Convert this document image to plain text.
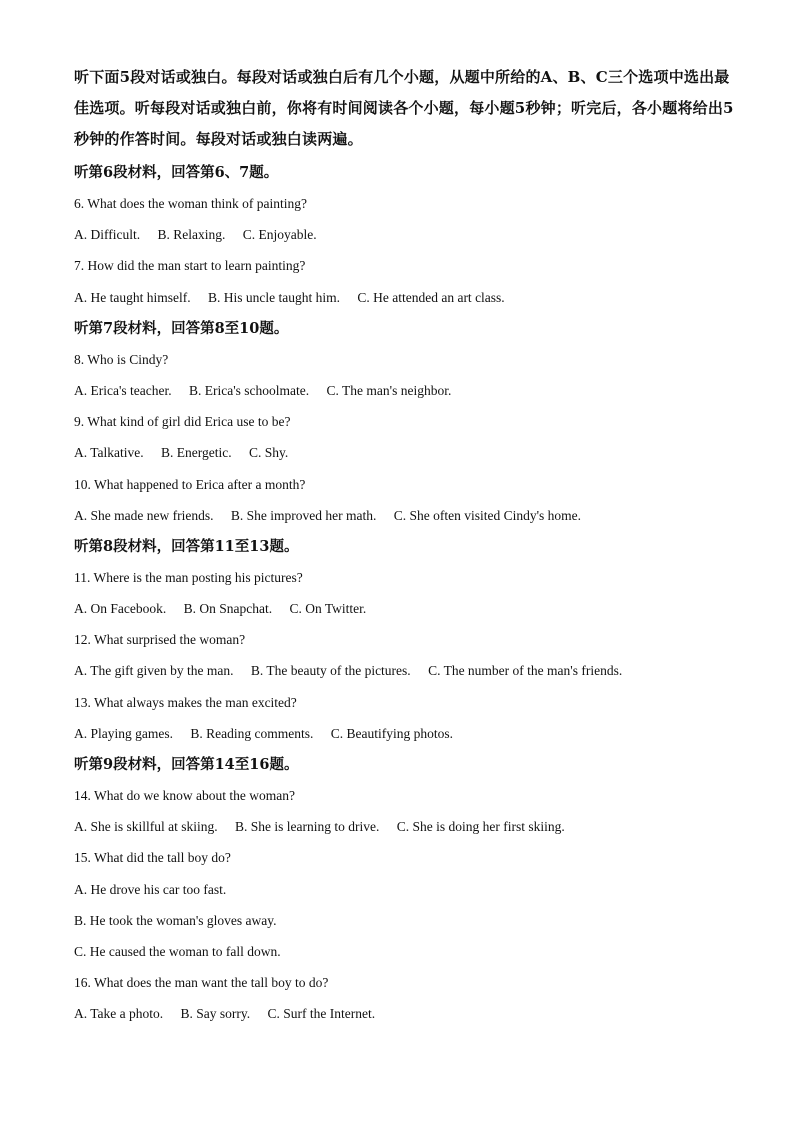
听下面5段对话或独白。每段对话或独白后有几个小题，从题中所给的A、B、C三个选项中选出最佳选项。听每段对话或独白前，你将有时间阅读各个小题，每小题5秒钟；听完后，各小题将给出5秒钟的作答时间。每段对话或独白读两遍。

听第6段材料，回答第6、7题。

6. What does the woman think of painting?

A. Difficult. B. Relaxing. C. Enjoyable.

7. How did the man start to learn painting?

A. He taught himself. B. His uncle taught him. C. He attended an art class.

听第7段材料，回答第8至10题。

8. Who is Cindy?

A. Erica's teacher. B. Erica's schoolmate. C. The man's neighbor.

9. What kind of girl did Erica use to be?

A. Talkative. B. Energetic. C. Shy.

10. What happened to Erica after a month?

A. She made new friends. B. She improved her math. C. She often visited Cindy's home.

听第8段材料，回答第11至13题。

11. Where is the man posting his pictures?

A. On Facebook. B. On Snapchat. C. On Twitter.

12. What surprised the woman?

A. The gift given by the man. B. The beauty of the pictures. C. The number of the man's friends.

13. What always makes the man excited?

A. Playing games. B. Reading comments. C. Beautifying photos.

听第9段材料，回答第14至16题。

14. What do we know about the woman?

A. She is skillful at skiing. B. She is learning to drive. C. She is doing her first skiing.

15. What did the tall boy do?

A. He drove his car too fast.

B. He took the woman's gloves away.

C. He caused the woman to fall down.

16. What does the man want the tall boy to do?

A. Take a photo. B. Say sorry. C. Surf the Internet.
